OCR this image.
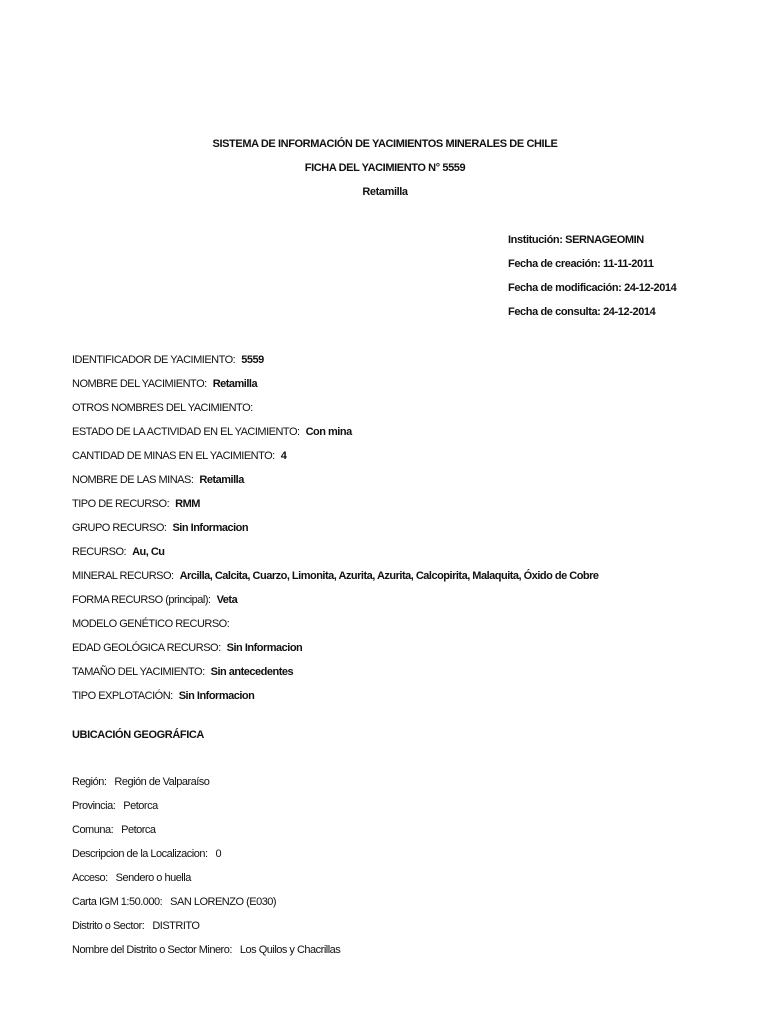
SISTEMA DE INFORMACIÓN DE YACIMIENTOS MINERALES DE CHILE
FICHA DEL YACIMIENTO N° 5559
Retamilla
Institución: SERNAGEOMIN
Fecha de creación: 11-11-2011
Fecha de modificación: 24-12-2014
Fecha de consulta: 24-12-2014
IDENTIFICADOR DE YACIMIENTO: 5559
NOMBRE DEL YACIMIENTO: Retamilla
OTROS NOMBRES DEL YACIMIENTO:
ESTADO DE LA ACTIVIDAD EN EL YACIMIENTO: Con mina
CANTIDAD DE MINAS EN EL YACIMIENTO: 4
NOMBRE DE LAS MINAS: Retamilla
TIPO DE RECURSO: RMM
GRUPO RECURSO: Sin Informacion
RECURSO: Au, Cu
MINERAL RECURSO: Arcilla, Calcita, Cuarzo, Limonita, Azurita, Azurita, Calcopirita, Malaquita, Óxido de Cobre
FORMA RECURSO (principal): Veta
MODELO GENÉTICO RECURSO:
EDAD GEOLÓGICA RECURSO: Sin Informacion
TAMAÑO DEL YACIMIENTO: Sin antecedentes
TIPO EXPLOTACIÓN: Sin Informacion
UBICACIÓN GEOGRÁFICA
Región: Región de Valparaíso
Provincia: Petorca
Comuna: Petorca
Descripcion de la Localizacion: 0
Acceso: Sendero o huella
Carta IGM 1:50.000: SAN LORENZO (E030)
Distrito o Sector: DISTRITO
Nombre del Distrito o Sector Minero: Los Quilos y Chacrillas
